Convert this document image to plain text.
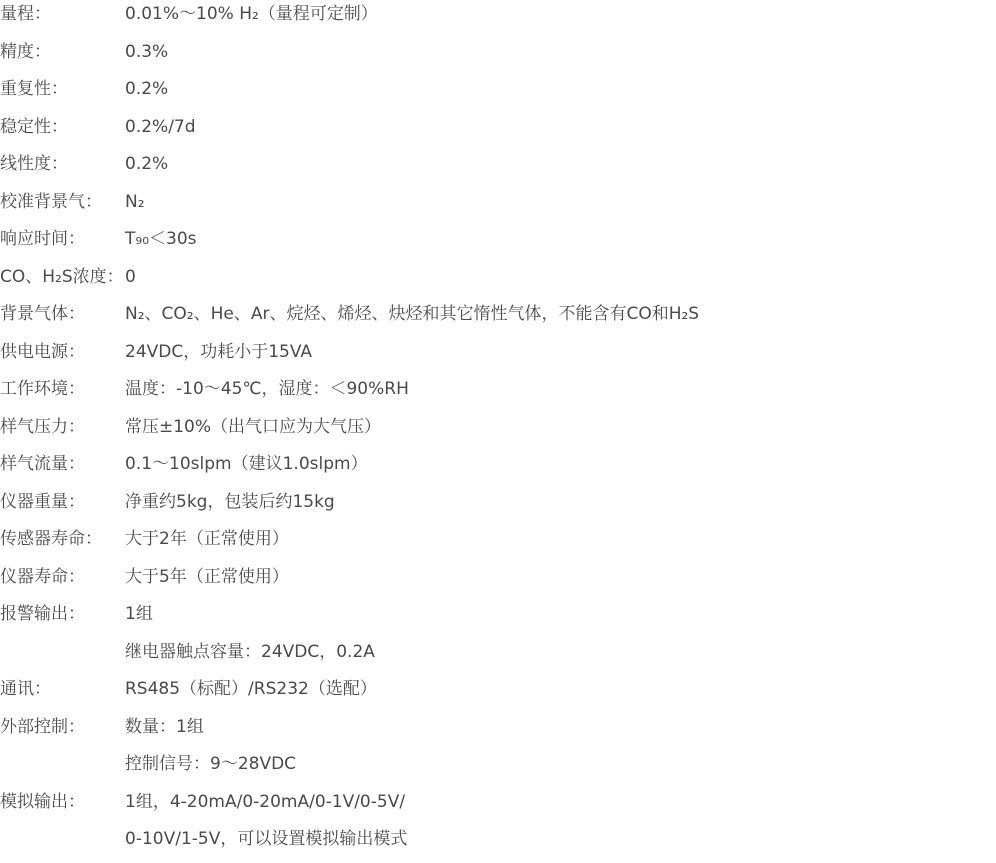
量程：	0.01%～10% H₂（量程可定制）
精度：	0.3%
重复性：	0.2%
稳定性：	0.2%/7d
线性度：	0.2%
校准背景气： N₂
响应时间： T₉₀＜30s
CO、H₂S浓度： 0
背景气体： N₂、CO₂、He、Ar、烷烃、烯烃、炔烃和其它惰性气体，不能含有CO和H₂S
供电电源： 24VDC，功耗小于15VA
工作环境： 温度：-10～45℃，湿度：＜90%RH
样气压力： 常压±10%（出气口应为大气压）
样气流量： 0.1～10slpm（建议1.0slpm）
仪器重量： 净重约5kg，包装后约15kg
传感器寿命： 大于2年（正常使用）
仪器寿命： 大于5年（正常使用）
报警输出： 1组
继电器触点容量：24VDC，0.2A
通讯：	RS485（标配）/RS232（选配）
外部控制： 数量：1组
控制信号：9～28VDC
模拟输出： 1组，4-20mA/0-20mA/0-1V/0-5V/
0-10V/1-5V，可以设置模拟输出模式
